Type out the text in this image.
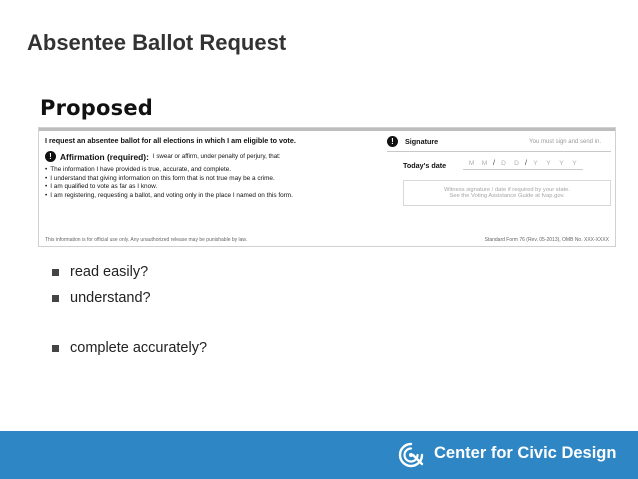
Absentee Ballot Request
Proposed
I request an absentee ballot for all elections in which I am eligible to vote.
! Affirmation (required): I swear or affirm, under penalty of perjury, that:
• The information I have provided is true, accurate, and complete.
• I understand that giving information on this form that is not true may be a crime.
• I am qualified to vote as far as I know.
• I am registering, requesting a ballot, and voting only in the place I named on this form.
!	Signature	You must sign and send in.
Today's date	M	M / D	D / Y	Y	Y	Y
Witness signature / date if required by your state.
See the Voting Assistance Guide at fvap.gov.
This information is for official use only. Any unauthorized release may be punishable by law.	Standard Form 76 (Rev. 05-2013), OMB No. XXX-XXXX
read easily?
understand?
complete accurately?
Center for Civic Design
